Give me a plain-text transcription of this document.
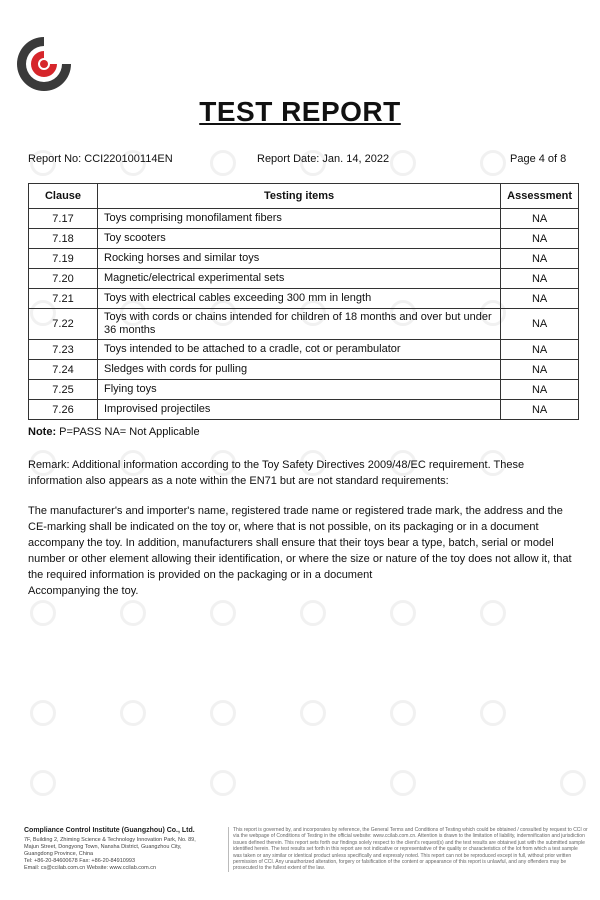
TEST REPORT
Report No: CCI220100114EN	Report Date: Jan. 14, 2022	Page 4 of 8
Clause	Testing items	Assessment
7.17	Toys comprising monofilament fibers	NA
7.18	Toy scooters	NA
7.19	Rocking horses and similar toys	NA
7.20	Magnetic/electrical experimental sets	NA
7.21	Toys with electrical cables exceeding 300 mm in length	NA
7.22	Toys with cords or chains intended for children of 18 months and over but under 36 months	NA
7.23	Toys intended to be attached to a cradle, cot or perambulator	NA
7.24	Sledges with cords for pulling	NA
7.25	Flying toys	NA
7.26	Improvised projectiles	NA
Note: P=PASS NA= Not Applicable
Remark: Additional information according to the Toy Safety Directives 2009/48/EC requirement. These information also appears as a note within the EN71 but are not standard requirements:
The manufacturer's and importer's name, registered trade name or registered trade mark, the address and the CE-marking shall be indicated on the toy or, where that is not possible, on its packaging or in a document accompany the toy. In addition, manufacturers shall ensure that their toys bear a type, batch, serial or model number or other element allowing their identification, or where the size or nature of the toy does not allow it, that the required information is provided on the packaging or in a document
Accompanying the toy.
Compliance Control Institute (Guangzhou) Co., Ltd.
7F, Building 2, Zhiming Science & Technology Innovation Park, No. 89,
Majun Street, Dongyong Town, Nansha District, Guangzhou City,
Guangdong Province, China
Tel: +86-20-84600678 Fax: +86-20-84910993
Email: cs@ccilab.com.cn Website: www.ccilab.com.cn
This report is governed by, and incorporates by reference, the General Terms and Conditions of Testing which could be obtained / consulted by request to CCI or via the webpage of Conditions of Testing in the official website: www.ccilab.com.cn. Attention is drawn to the limitation of liability, indemnification and jurisdiction issues defined therein. This report sets forth our findings solely respect to the client's request(s) and the test results are obtained just with the submitted sample identified herein. The test results set forth in this report are not indicative or representative of the quality or characteristics of the lot from which a test sample was taken or any similar or identical product unless specifically and expressly noted. This report can not be reproduced except in full, without prior written permission of CCI. Any unauthorized alteration, forgery or falsification of the content or appearance of this report is unlawful, and any offenders may be prosecuted to the fullest extent of the law.
